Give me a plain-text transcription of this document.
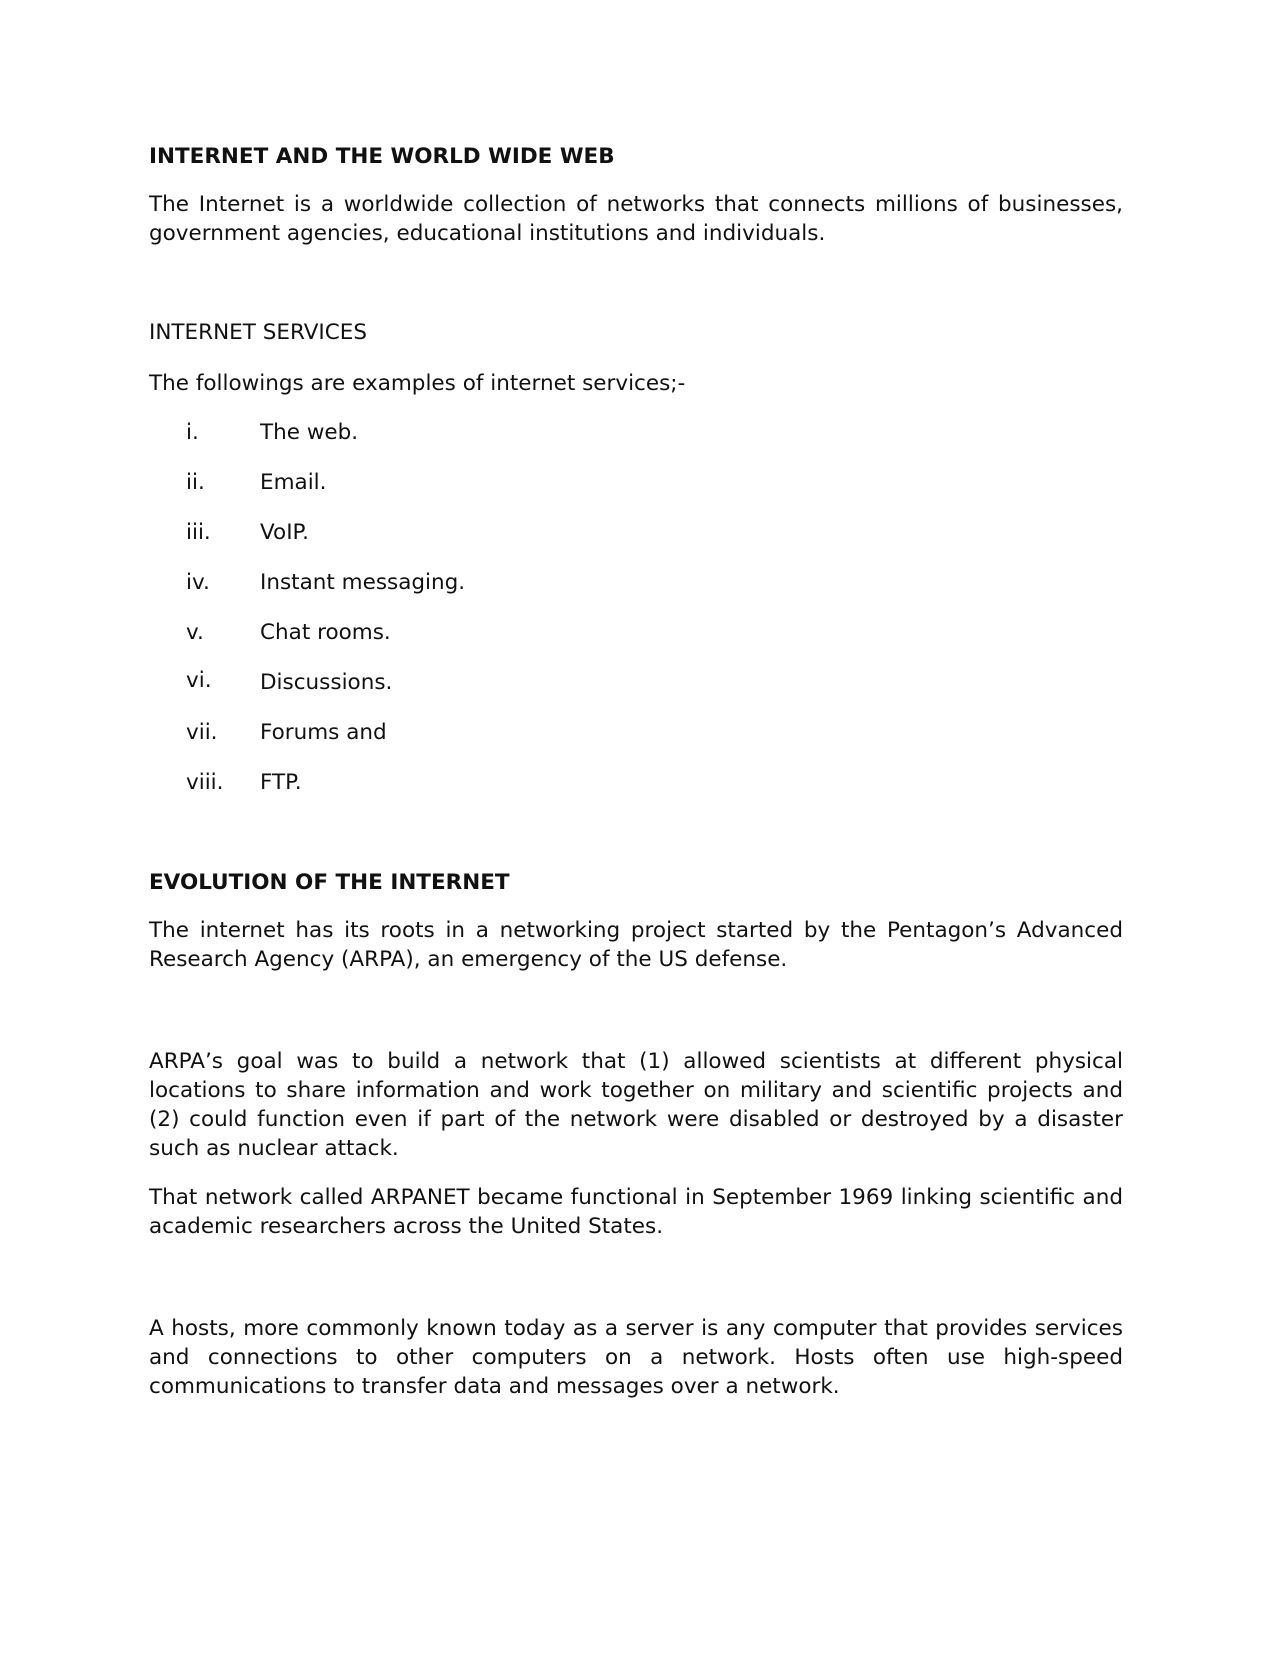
INTERNET AND THE WORLD WIDE WEB

The Internet is a worldwide collection of networks that connects millions of businesses, government agencies, educational institutions and individuals.

INTERNET SERVICES

The followings are examples of internet services;-

i.	The web.
ii.	Email.
iii.	VoIP.
iv.	Instant messaging.
v.	Chat rooms.
vi.	Discussions.
vii.	Forums and
viii.	FTP.
EVOLUTION OF THE INTERNET

The internet has its roots in a networking project started by the Pentagon’s Advanced Research Agency (ARPA), an emergency of the US defense.

ARPA’s goal was to build a network that (1) allowed scientists at different physical locations to share information and work together on military and scientific projects and (2) could function even if part of the network were disabled or destroyed by a disaster such as nuclear attack.

That network called ARPANET became functional in September 1969 linking scientific and academic researchers across the United States.

A hosts, more commonly known today as a server is any computer that provides services and connections to other computers on a network. Hosts often use high-speed communications to transfer data and messages over a network.
